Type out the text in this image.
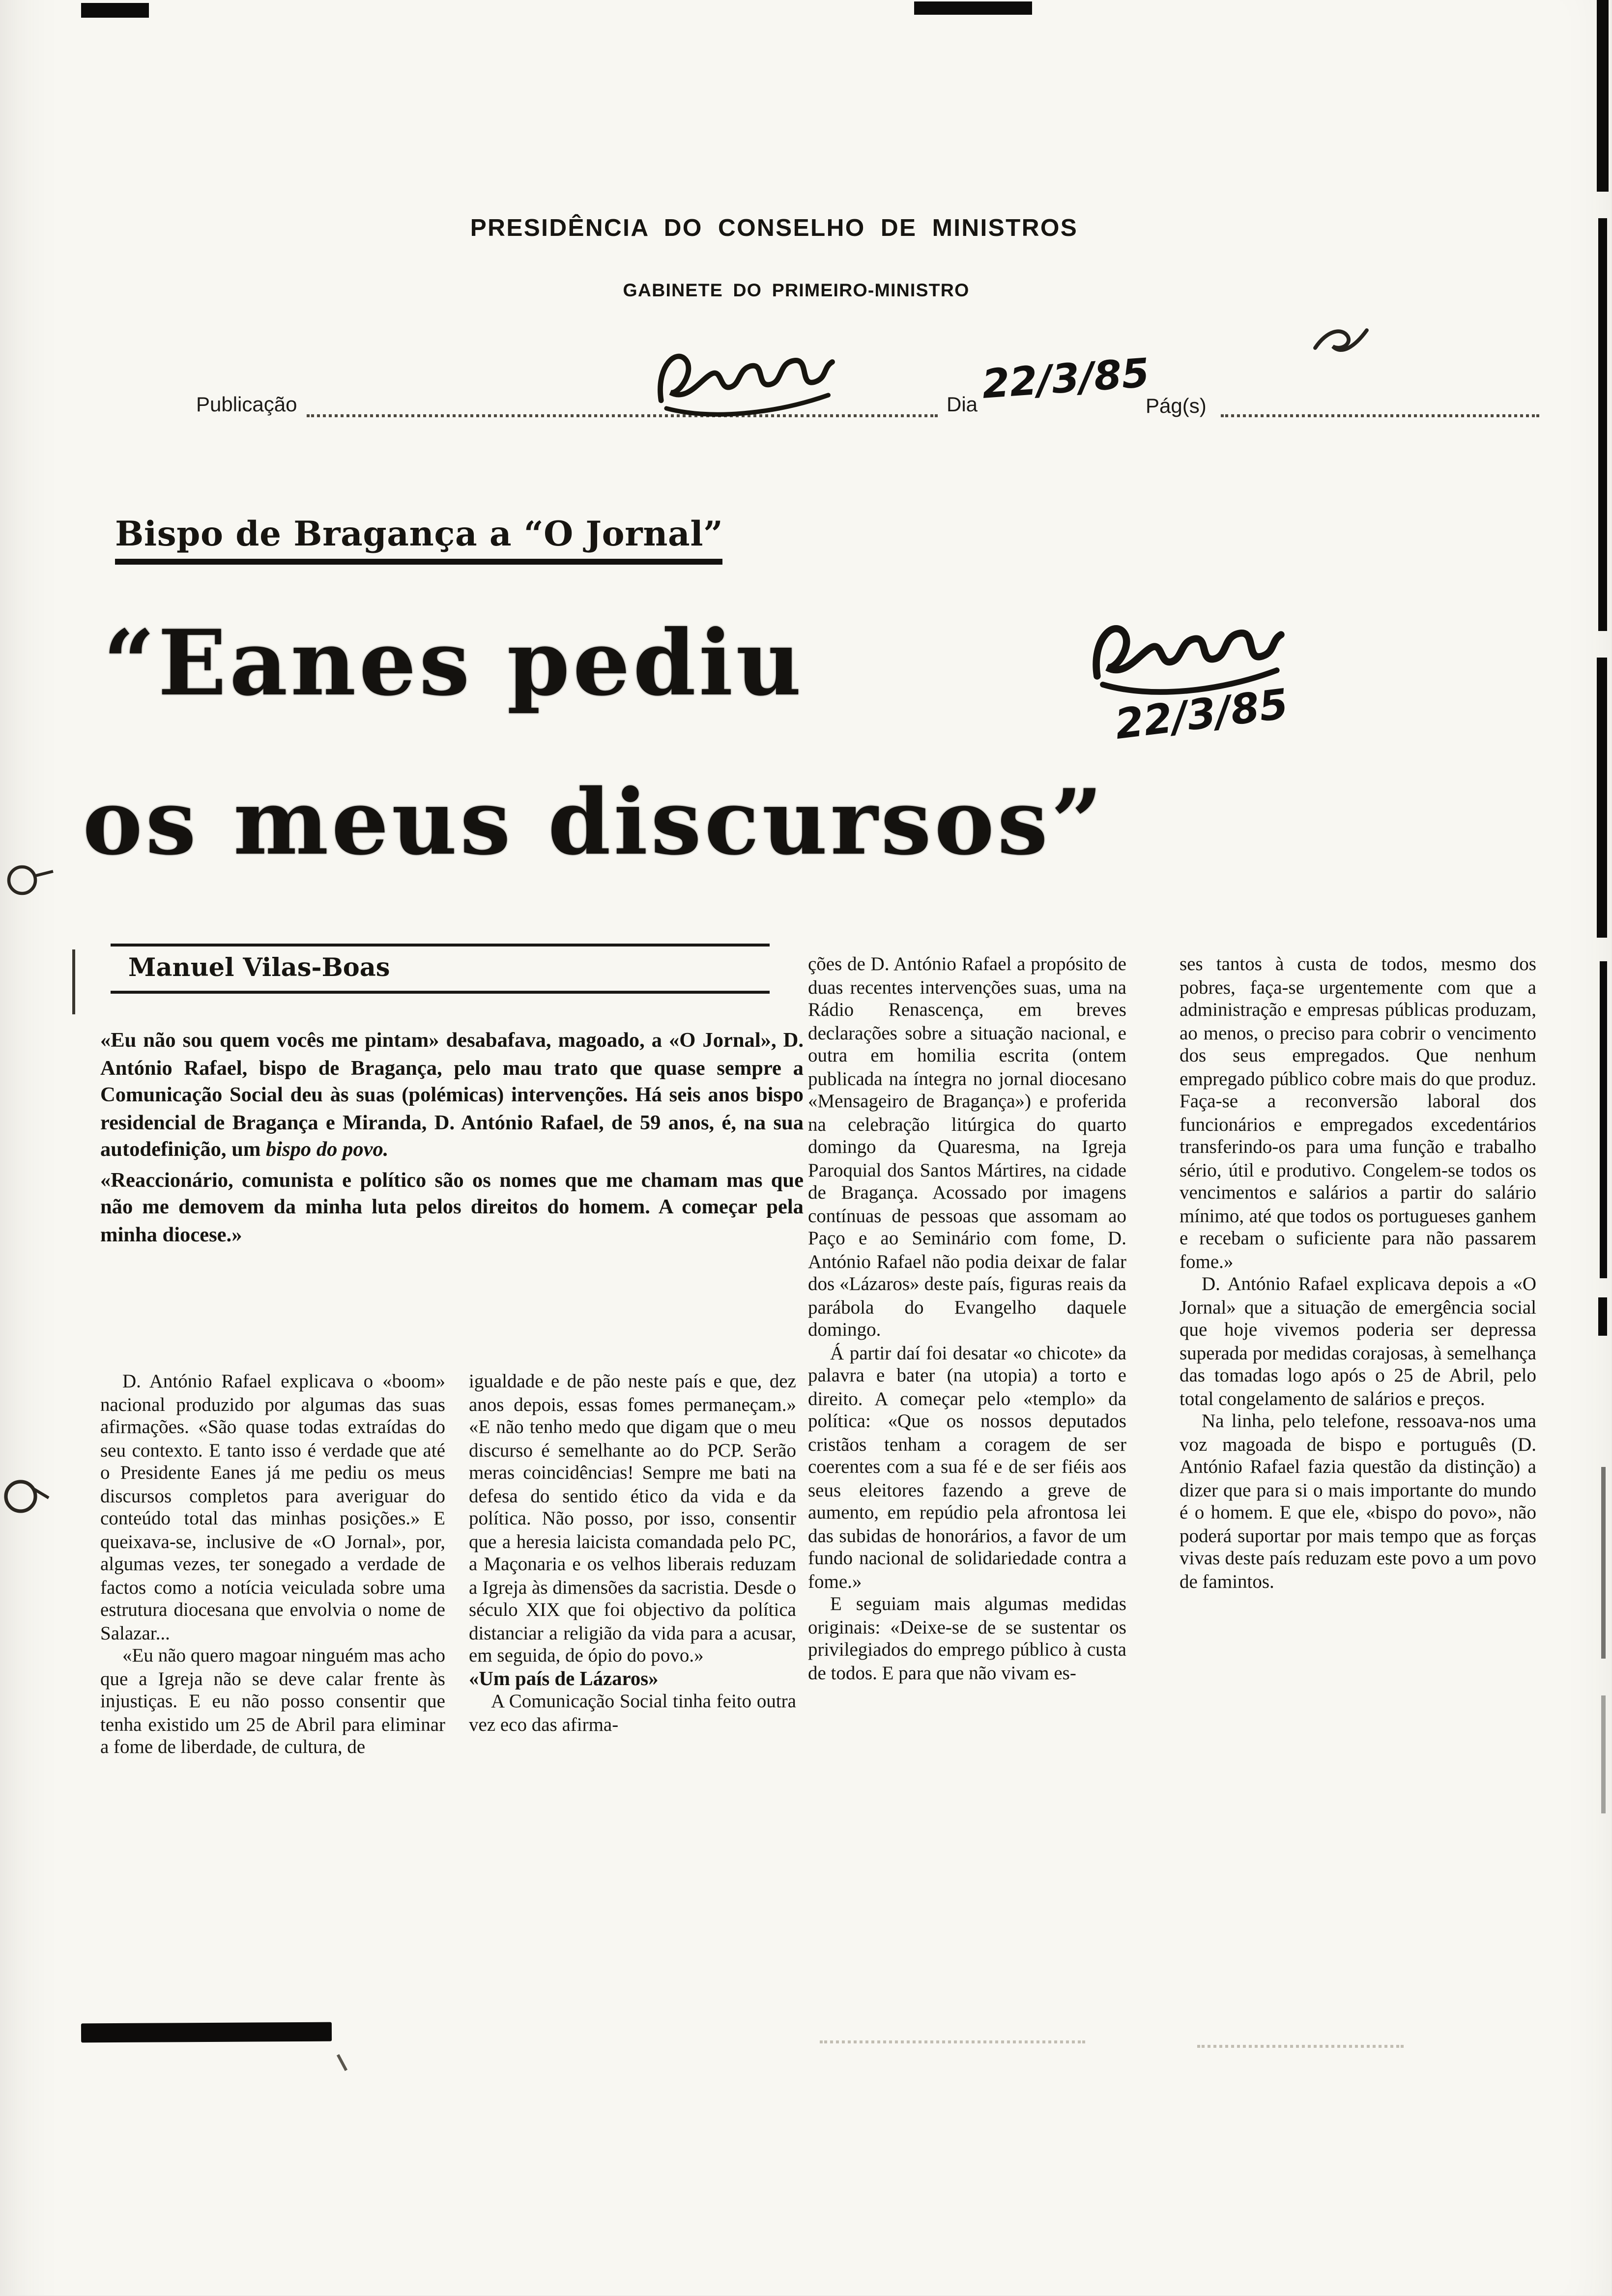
PRESIDÊNCIA DO CONSELHO DE MINISTROS
GABINETE DO PRIMEIRO-MINISTRO
Publicação	Dia 22/3/85
Pág(s)
Bispo de Bragança a “O Jornal”
“Eanes pediu
os meus discursos”
22/3/85
Manuel Vilas-Boas

«Eu não sou quem vocês me pintam» desabafava, magoado, a «O Jornal», D. António Rafael, bispo de Bragança, pelo mau trato que quase sempre a Comunicação Social deu às suas (polémicas) intervenções. Há seis anos bispo residencial de Bragança e Miranda, D. António Rafael, de 59 anos, é, na sua autodefinição, um bispo do povo.

«Reaccionário, comunista e político são os nomes que me chamam mas que não me demovem da minha luta pelos direitos do homem. A começar pela minha diocese.»

D. António Rafael explicava o «boom» nacional produzido por algumas das suas afirmações. «São quase todas extraídas do seu contexto. E tanto isso é verdade que até o Presidente Eanes já me pediu os meus discursos completos para averiguar do conteúdo total das minhas posições.» E queixava-se, inclusive de «O Jornal», por, algumas vezes, ter sonegado a verdade de factos como a notícia veiculada sobre uma estrutura diocesana que envolvia o nome de Salazar...

«Eu não quero magoar ninguém mas acho que a Igreja não se deve calar frente às injustiças. E eu não posso consentir que tenha existido um 25 de Abril para eliminar a fome de liberdade, de cultura, de

igualdade e de pão neste país e que, dez anos depois, essas fomes permaneçam.» «E não tenho medo que digam que o meu discurso é semelhante ao do PCP. Serão meras coincidências! Sempre me bati na defesa do sentido ético da vida e da política. Não posso, por isso, consentir que a heresia laicista comandada pelo PC, a Maçonaria e os velhos liberais reduzam a Igreja às dimensões da sacristia. Desde o século XIX que foi objectivo da política distanciar a religião da vida para a acusar, em seguida, de ópio do povo.»

«Um país de Lázaros»

A Comunicação Social tinha feito outra vez eco das afirma-

ções de D. António Rafael a propósito de duas recentes intervenções suas, uma na Rádio Renascença, em breves declarações sobre a situação nacional, e outra em homilia escrita (ontem publicada na íntegra no jornal diocesano «Mensageiro de Bragança») e proferida na celebração litúrgica do quarto domingo da Quaresma, na Igreja Paroquial dos Santos Mártires, na cidade de Bragança. Acossado por imagens contínuas de pessoas que assomam ao Paço e ao Seminário com fome, D. António Rafael não podia deixar de falar dos «Lázaros» deste país, figuras reais da parábola do Evangelho daquele domingo.

Á partir daí foi desatar «o chicote» da palavra e bater (na utopia) a torto e direito. A começar pelo «templo» da política: «Que os nossos deputados cristãos tenham a coragem de ser coerentes com a sua fé e de ser fiéis aos seus eleitores fazendo a greve de aumento, em repúdio pela afrontosa lei das subidas de honorários, a favor de um fundo nacional de solidariedade contra a fome.»

E seguiam mais algumas medidas originais: «Deixe-se de se sustentar os privilegiados do emprego público à custa de todos. E para que não vivam es-

ses tantos à custa de todos, mesmo dos pobres, faça-se urgentemente com que a administração e empresas públicas produzam, ao menos, o preciso para cobrir o vencimento dos seus empregados. Que nenhum empregado público cobre mais do que produz. Faça-se a reconversão laboral dos funcionários e empregados excedentários transferindo-os para uma função e trabalho sério, útil e produtivo. Congelem-se todos os vencimentos e salários a partir do salário mínimo, até que todos os portugueses ganhem e recebam o suficiente para não passarem fome.»

D. António Rafael explicava depois a «O Jornal» que a situação de emergência social que hoje vivemos poderia ser depressa superada por medidas corajosas, à semelhança das tomadas logo após o 25 de Abril, pelo total congelamento de salários e preços.

Na linha, pelo telefone, ressoava-nos uma voz magoada de bispo e português (D. António Rafael fazia questão da distinção) a dizer que para si o mais importante do mundo é o homem. E que ele, «bispo do povo», não poderá suportar por mais tempo que as forças vivas deste país reduzam este povo a um povo de famintos.
